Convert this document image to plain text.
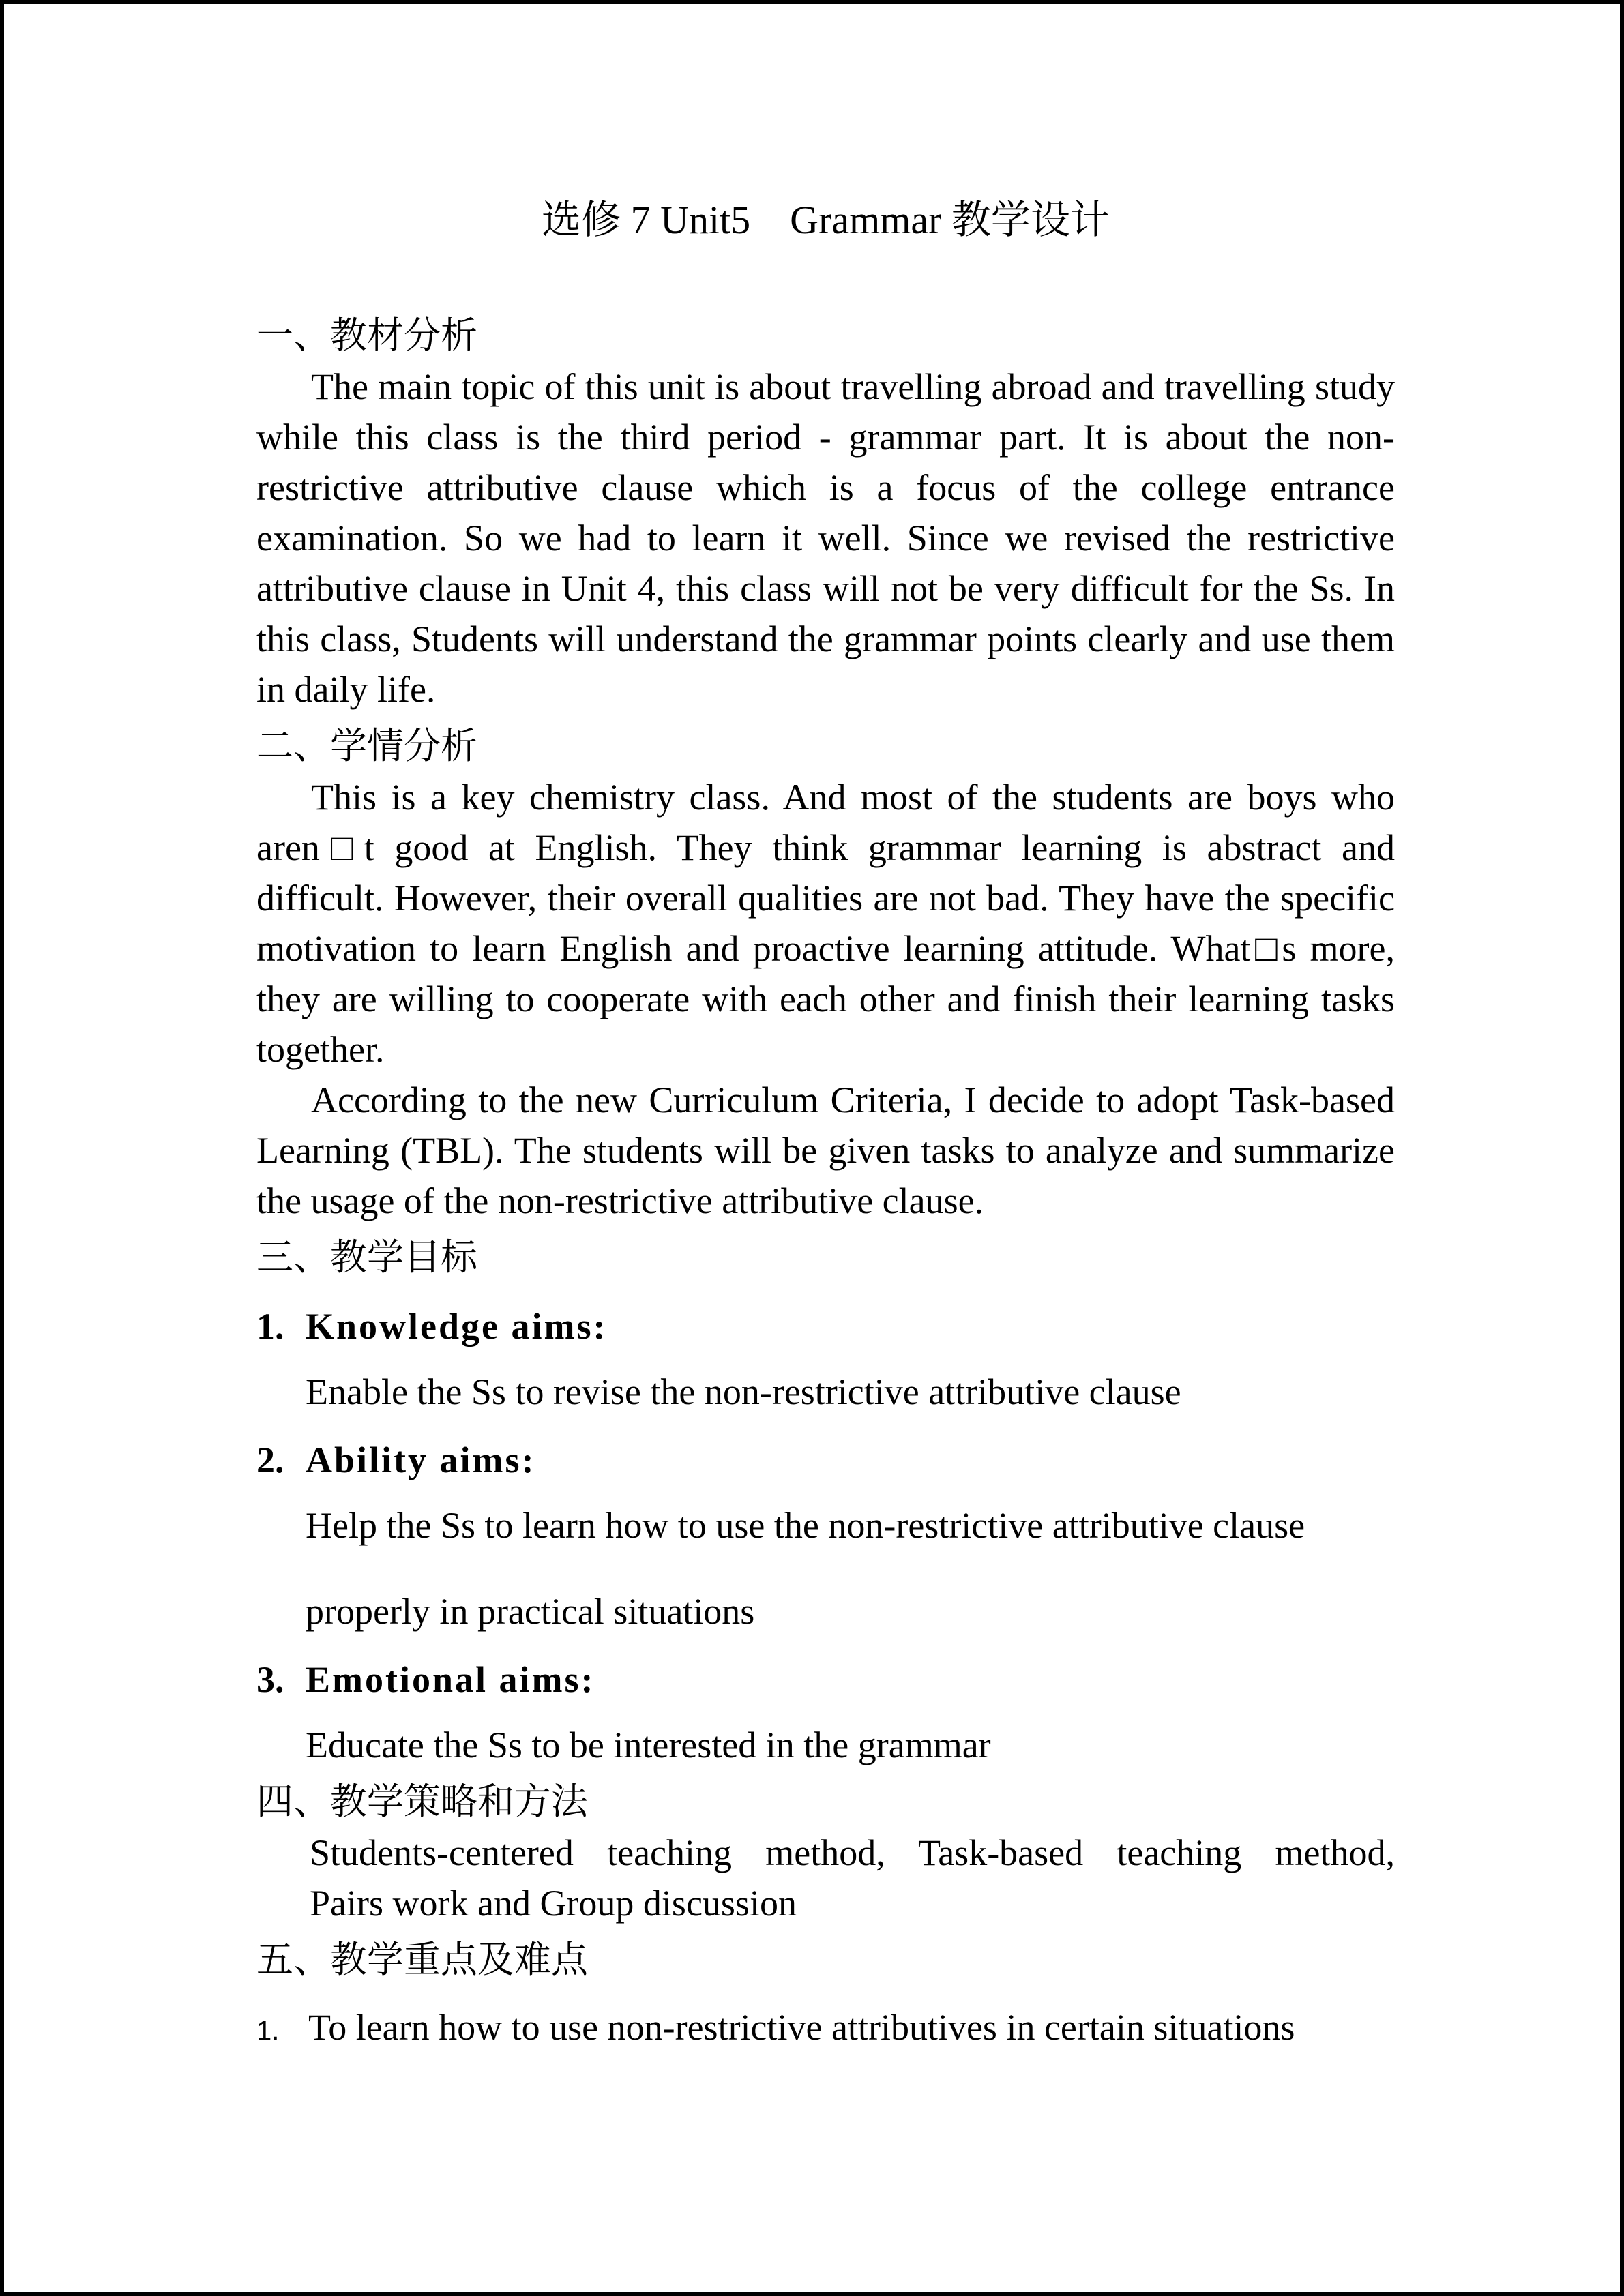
选修 7 Unit5　Grammar 教学设计
一、教材分析

The main topic of this unit is about travelling abroad and travelling study while this class is the third period - grammar part. It is about the non-restrictive attributive clause which is a focus of the college entrance examination. So we had to learn it well. Since we revised the restrictive attributive clause in Unit 4, this class will not be very difficult for the Ss. In this class, Students will understand the grammar points clearly and use them in daily life.

二、学情分析

This is a key chemistry class. And most of the students are boys who aren□t good at English. They think grammar learning is abstract and difficult. However, their overall qualities are not bad. They have the specific motivation to learn English and proactive learning attitude. What□s more, they are willing to cooperate with each other and finish their learning tasks together.

According to the new Curriculum Criteria, I decide to adopt Task-based Learning (TBL). The students will be given tasks to analyze and summarize the usage of the non-restrictive attributive clause.

三、教学目标
1. Knowledge aims:

Enable the Ss to revise the non-restrictive attributive clause

2. Ability aims:

Help the Ss to learn how to use the non-restrictive attributive clause

properly in practical situations

3. Emotional aims:

Educate the Ss to be interested in the grammar

四、教学策略和方法

Students-centered teaching method, Task-based teaching method,

Pairs work and Group discussion

五、教学重点及难点
1. To learn how to use non-restrictive attributives in certain situations
